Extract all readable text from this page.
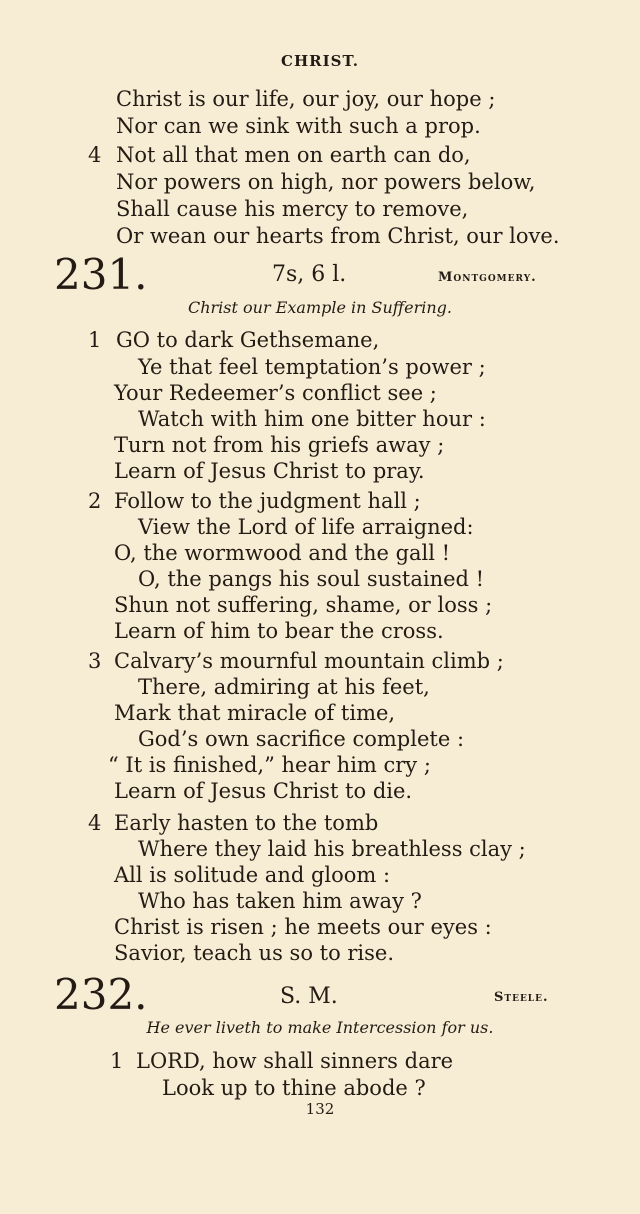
CHRIST.
Christ is our life, our joy, our hope ;
Nor can we sink with such a prop.
4 Not all that men on earth can do,
Nor powers on high, nor powers below,
Shall cause his mercy to remove,
Or wean our hearts from Christ, our love.
231.	7s, 6 l.	Montgomery.
Christ our Example in Suffering.
1 GO to dark Gethsemane,
Ye that feel temptation’s power ;
Your Redeemer’s conflict see ;
Watch with him one bitter hour :
Turn not from his griefs away ;
Learn of Jesus Christ to pray.
2 Follow to the judgment hall ;
View the Lord of life arraigned:
O, the wormwood and the gall !
O, the pangs his soul sustained !
Shun not suffering, shame, or loss ;
Learn of him to bear the cross.
3 Calvary’s mournful mountain climb ;
There, admiring at his feet,
Mark that miracle of time,
God’s own sacrifice complete :
“ It is finished,” hear him cry ;
Learn of Jesus Christ to die.
4 Early hasten to the tomb
Where they laid his breathless clay ;
All is solitude and gloom :
Who has taken him away ?
Christ is risen ; he meets our eyes :
Savior, teach us so to rise.
232.	S. M.	Steele.
He ever liveth to make Intercession for us.
1 LORD, how shall sinners dare
Look up to thine abode ?
132
